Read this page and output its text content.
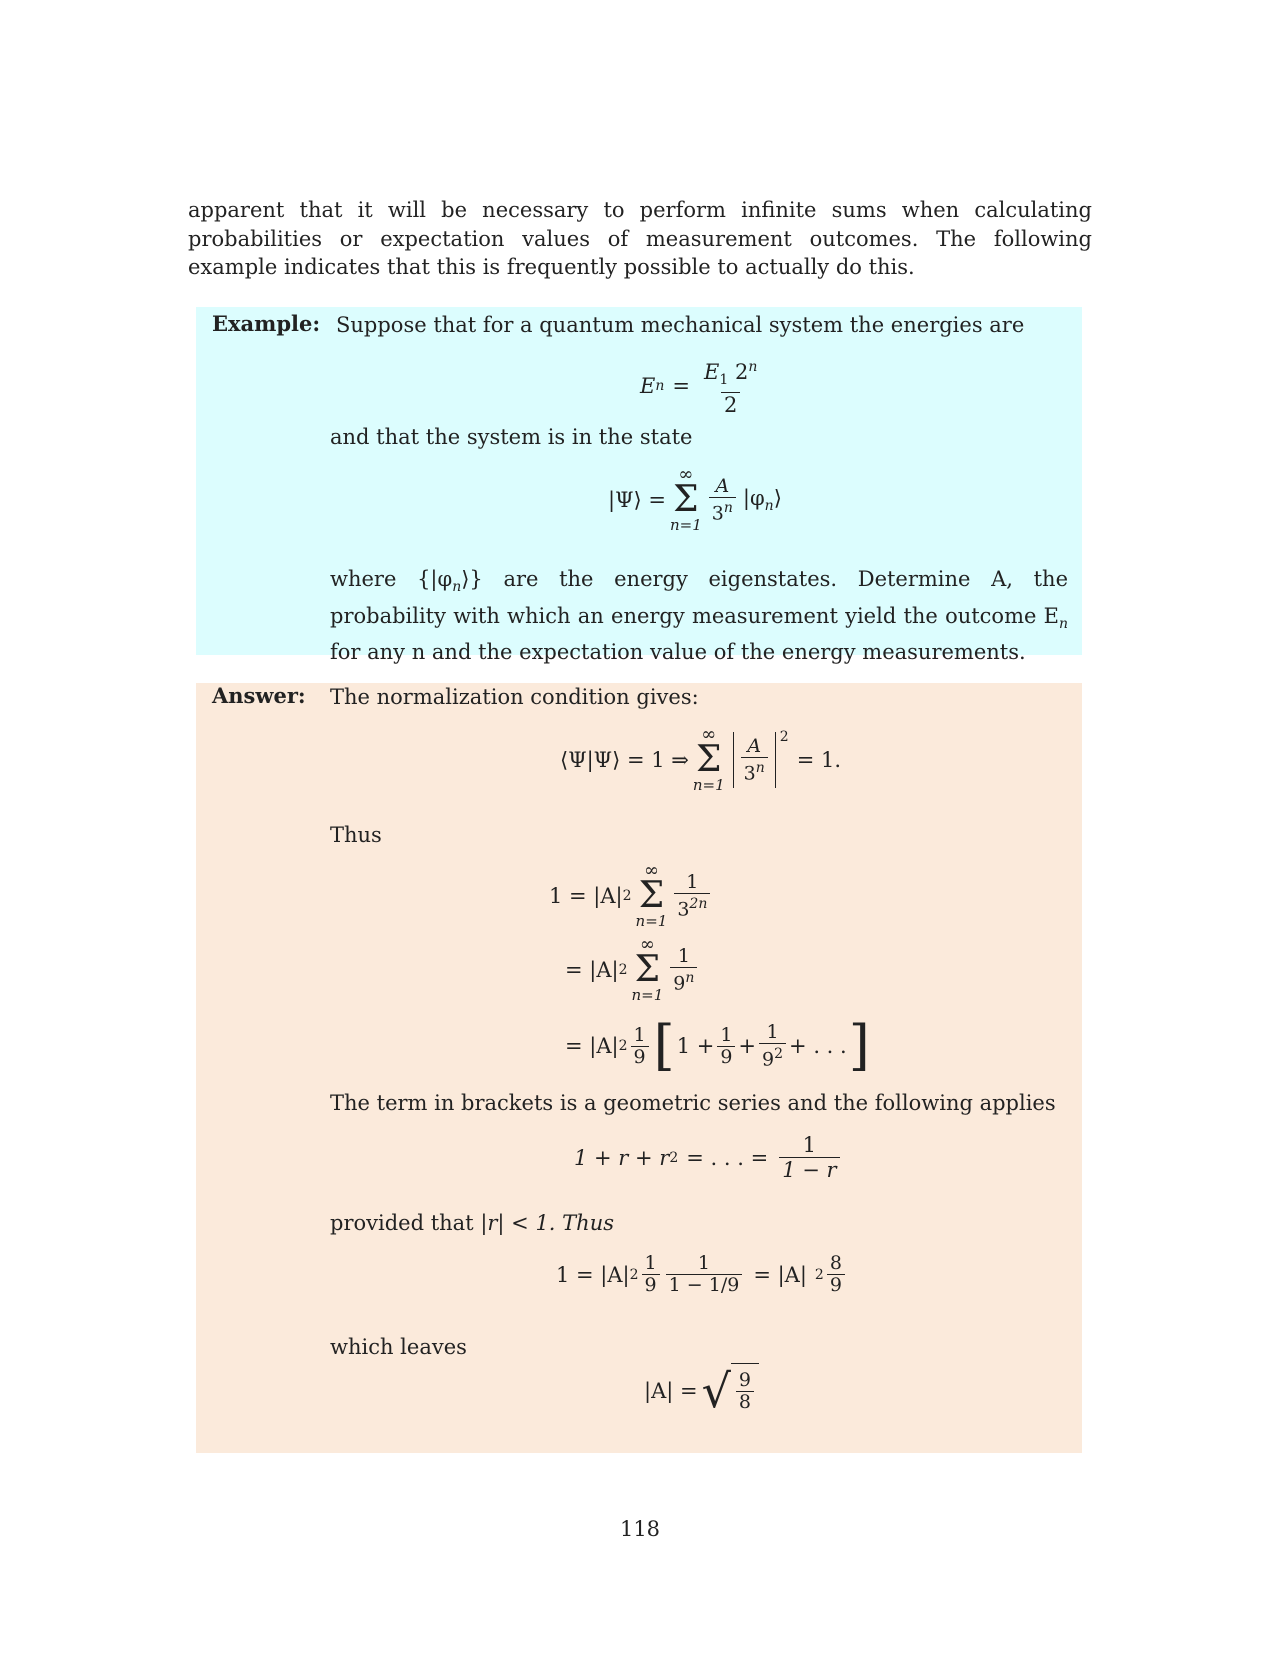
apparent that it will be necessary to perform infinite sums when calculating probabilities or expectation values of measurement outcomes. The following example indicates that this is frequently possible to actually do this.

Example: Suppose that for a quantum mechanical system the energies are

E $n = \frac{E_1 2^n}{2}$

and that the system is in the state

|Ψ⟩ =
∞
Σ
n=1
$\frac{A}{3^n}$ $|\varphi_n⟩$

where $\{|\varphi_n⟩\}$ are the energy eigenstates. Determine A, the probability with which an energy measurement yield the outcome $E_n$ for any n and the expectation value of the energy measurements.

Answer: The normalization condition gives:

⟨Ψ|Ψ⟩ = 1 ⇒
∞
Σ
n=1
$\frac{A}{3^n} ^2$
= 1.

Thus

1 = |A| 2
∞
Σ
n=1
$\frac{1}{3^{2n}}$
= |A| 2
∞
Σ
n=1
$\frac{1}{9^n}$
= |A| $2 \frac{1}{9}$ [ $1 + \frac{1}{9} + \frac{1}{9^2}$ + . . . ]

The term in brackets is a geometric series and the following applies

1 + r + r 2 = . . . = $\frac{1}{1 - r}$

provided that |r| < 1. Thus

1 = |A| $2 \frac{1}{9} \frac{1}{1 - 1/9} = |A|$ $2 \frac{8}{9}$

which leaves

|A| = √ $\frac{9}{8}$
118
